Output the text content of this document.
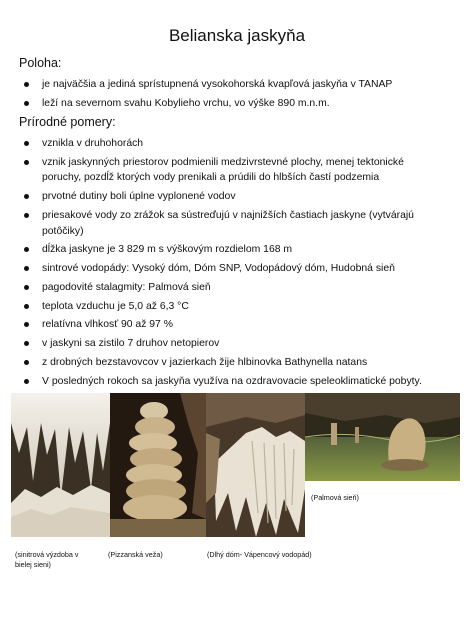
Belianska jaskyňa
Poloha:
je najväčšia a jediná sprístupnená vysokohorská kvapľová jaskyňa v TANAP
leží na severnom svahu Kobylieho vrchu, vo výške 890 m.n.m.
Prírodné pomery:
vznikla v druhohorách
vznik jaskynných priestorov podmienili medzivrstevné plochy, menej tektonické poruchy, pozdĺž ktorých vody prenikali a prúdili do hlbších častí podzemia
prvotné dutiny boli úplne vyplonené vodov
priesakové vody zo zrážok sa sústreďujú v najnižších častiach jaskyne (vytvárajú potôčiky)
dĺžka jaskyne je 3 829 m s výškovým rozdielom 168 m
sintrové vodopády: Vysoký dóm, Dóm SNP, Vodopádový dóm, Hudobná sieň
pagodovité stalagmity: Palmová sieň
teplota vzduchu je 5,0 až 6,3 °C
relatívna vlhkosť 90 až 97 %
v jaskyni sa zistilo 7 druhov netopierov
z drobných bezstavovcov v jazierkach žije hlbinovka Bathynella natans
V posledných rokoch sa jaskyňa využíva na ozdravovacie speleoklimatické pobyty.
(Palmová sieň)
(sinitrová výzdoba v bielej sieni)
(Pizzanská veža)	(Dlhý dóm- Vápencový vodopád)
